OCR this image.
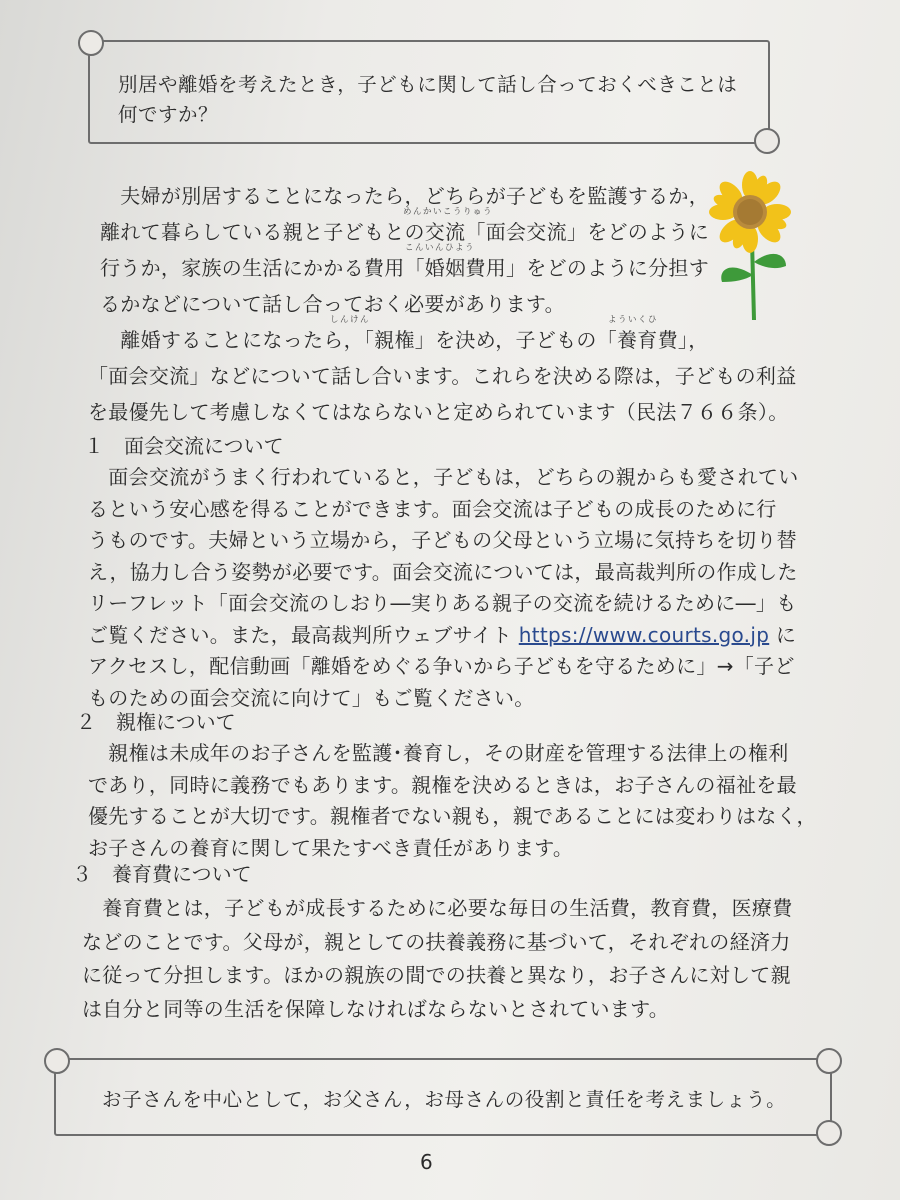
別居や離婚を考えたとき，子どもに関して話し合っておくべきことは
何ですか？
　夫婦が別居することになったら，どちらが子どもを監護するか，
離れて暮らしている親と子どもとの交流「面会交流」をどのように
行うか，家族の生活にかかる費用「婚姻費用」をどのように分担す
るかなどについて話し合っておく必要があります。
　離婚することになったら，「親権」を決め，子どもの「養育費」，
「面会交流」などについて話し合います。これらを決める際は，子どもの利益
を最優先して考慮しなくてはならないと定められています（民法７６６条）。
めんかいこうりゅう
こんいんひよう
しんけん	よういくひ
１　面会交流について
　面会交流がうまく行われていると，子どもは，どちらの親からも愛されてい
るという安心感を得ることができます。面会交流は子どもの成長のために行
うものです。夫婦という立場から，子どもの父母という立場に気持ちを切り替
え，協力し合う姿勢が必要です。面会交流については，最高裁判所の作成した
リーフレット「面会交流のしおり―実りある親子の交流を続けるために―」も
ご覧ください。また，最高裁判所ウェブサイト https://www.courts.go.jp に
アクセスし，配信動画「離婚をめぐる争いから子どもを守るために」→「子ど
ものための面会交流に向けて」もご覧ください。
２　親権について
　親権は未成年のお子さんを監護･養育し，その財産を管理する法律上の権利
であり，同時に義務でもあります。親権を決めるときは，お子さんの福祉を最
優先することが大切です。親権者でない親も，親であることには変わりはなく，
お子さんの養育に関して果たすべき責任があります。
３　養育費について
　養育費とは，子どもが成長するために必要な毎日の生活費，教育費，医療費
などのことです。父母が，親としての扶養義務に基づいて，それぞれの経済力
に従って分担します。ほかの親族の間での扶養と異なり，お子さんに対して親
は自分と同等の生活を保障しなければならないとされています。
お子さんを中心として，お父さん，お母さんの役割と責任を考えましょう。
6
